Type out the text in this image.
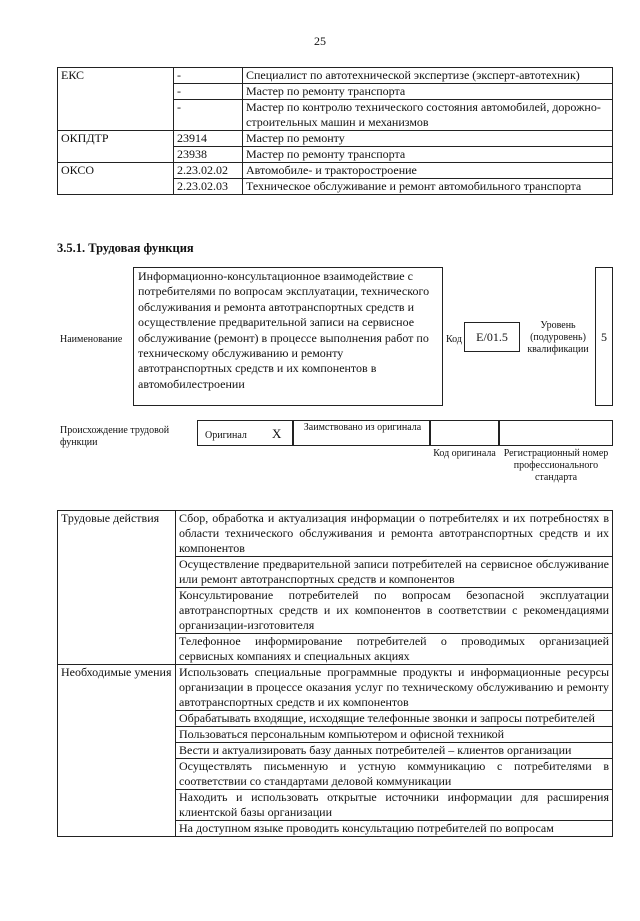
25
ЕКС	-	Специалист по автотехнической экспертизе (эксперт-автотехник)
	-	Мастер по ремонту транспорта
	-	Мастер по контролю технического состояния автомобилей, дорожно-строительных машин и механизмов
ОКПДТР	23914	Мастер по ремонту
	23938	Мастер по ремонту транспорта
ОКСО	2.23.02.02	Автомобиле- и тракторостроение
	2.23.02.03	Техническое обслуживание и ремонт автомобильного транспорта
3.5.1. Трудовая функция
Наименование
Информационно-консультационное взаимодействие с потребителями по вопросам эксплуатации, технического обслуживания и ремонта автотранспортных средств и осуществление предварительной записи на сервисное обслуживание (ремонт) в процессе выполнения работ по техническому обслуживанию и ремонту автотранспортных средств и их компонентов в автомобилестроении
Код	E/01.5
Уровень (подуровень) квалификации
5
Происхождение трудовой функции
Оригинал X	Заимствовано из оригинала
Код оригинала Регистрационный номер профессионального стандарта
Трудовые действия	Сбор, обработка и актуализация информации о потребителях и их потребностях в области технического обслуживания и ремонта автотранспортных средств и их компонентов
	Осуществление предварительной записи потребителей на сервисное обслуживание или ремонт автотранспортных средств и компонентов
	Консультирование потребителей по вопросам безопасной эксплуатации автотранспортных средств и их компонентов в соответствии с рекомендациями организации-изготовителя
	Телефонное информирование потребителей о проводимых организацией сервисных компаниях и специальных акциях
Необходимые умения	Использовать специальные программные продукты и информационные ресурсы организации в процессе оказания услуг по техническому обслуживанию и ремонту автотранспортных средств и их компонентов
	Обрабатывать входящие, исходящие телефонные звонки и запросы потребителей
	Пользоваться персональным компьютером и офисной техникой
	Вести и актуализировать базу данных потребителей – клиентов организации
	Осуществлять письменную и устную коммуникацию с потребителями в соответствии со стандартами деловой коммуникации
	Находить и использовать открытые источники информации для расширения клиентской базы организации
	На доступном языке проводить консультацию потребителей по вопросам
